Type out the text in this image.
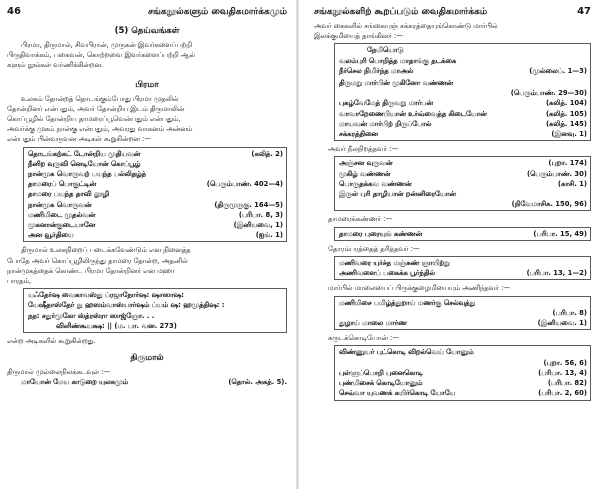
46	சங்கநூல்களும் வைதிகமார்க்கமும்
(5) தெய்வங்கள்
பிரமா, திருமால், சிவபிரான், முருகன் இவர்களைப்பற்றி
பிருதிவாக்கம், பகைவன், கொற்றவை இவர்களைப்பற்றி ஆல்
களும் நூல்கள் வர்ணிக்கின்றன.
பிரமா
உலகம் தோன்றத் தொடங்கும்போது பிரமா முதலில்
தோன்றினர் என்பதும், அவர் தோன்றிய இடம் திருமாலின்
கொப்பூழில் தோன்றிய தாமரைப்பூவென்பதும் என்பதும்,
அவர்க்கு முகம் நான்கு என்பதும், அவரது வாகனம் அன்னம்
என்பதும் பின்வருவன அடிகள் கூறுகின்றன :—
தொடங்கற்கட் டோன்றிய முதியவன்	(கலித். 2)
நீனிற வுருவி னெடியோன் கொப்பூழ்
நான்முக வொருவற் பயந்த பல்லிதழ்த்
தாமரைப் பொகுட்டின்	(பெரும்பாண். 402—4)
தாமரை பயந்த தாவி லூழி
நான்முக வொருவன்	(திருமுருகு. 164—5)
மணிமிடை முதல்வன்	(பரிபா. 8, 3)
முகனான்குடையானே	(இனியவை, 1)
அன வூர்தியை	(ஐங். 1)
திருமால் உலகநிறைப் படைக்கவேண்டும் என நினைத்த
போதே அவர் கொப்பூழிலிருந்து தாமரை தோன்ற, அதனில்
நான்முகத்தைக் கொண்ட பிரமா தோன்றினர் என மஹா
பாரதம்,
யஃதேர்ஷ வைகாவஸ்து ப்ரஜாநோர்ஷ: ஷாஸாஷ:
யேஷீதாஸ்தேர் நு ஹஸம்வாஸ்யார்ஷம் ப்யம் ஷ: ஹமுத்திஷ: :
நத: சதுர்முகோ ஸ்த்ரஸ்ரா ஸாஜ்ஞோ. . .
விளிண்கூயக்ஷ: || (ம. பா. வன. 273)
என்ற அடிகளில் கூறுகின்றது.
திருமால்
திருமால் முல்லைநிலக்கடவுள் :—
மாயோன் மேய காடுறை யுலகமும்	(தொல். அகத். 5).
சங்கநூல்களிற் கூறப்படும் வைதிகமார்க்கம்	47
அவர் கைகளில் சங்கையுஞ் சக்கரத்தையுங்கொண்டு மார்பில்
இலக்குமியைத் தாங்கினர் :—
நேமியொடு
வலம்புரி பொறித்த மாதாங்கு தடக்கை
நீர்செல நிமிர்ந்த மாஅல்	(முல்லைப். 1—3)
திருமறு மார்பின் முகினோ வண்ணன்
(பெரும்பாண். 29—30)
புகழ்வேமேத் திருவறு மார்பன்	(கலித். 104)
வாவாறேணைபியான் உர்வ்வைத்த கிடையோன்	(கலித். 105)
மாயவன் மார்பிற் றிருப்போல்	(கலித். 145)
சக்கரத்தினை	(இனவு. 1)
அவர் நீலநிறத்தவர் :—
அஞ்சன வுருவன்	(புறா. 174)
முகிழ் வண்ணன்	(பெரும்பாண். 30)
பொருதக்கவ வண்ணன்	(காசி. 1)
இருள் புரி தாழியான் றன்னிரையோன்
(நிவேமாசிக. 150, 96)
தாமரைக்கண்ணர் :—
தாமரை புரையுங் கண்ணன்	(பரிபா. 15, 49)
தோரம்பரத்தைத் தரித்தவர் :—
மணிவரை யுர்ச்த மஞ்சுண் ஞாயிற்று
அணிவளைப் பகைக்க பூர்ந்தில்	(பரிபா. 13, 1—2)
மார்பில் மாலையைப் பிருக்குழைமியையும் அணிந்தவர் :—
மணிமிசை பமிழ்த்துறாய் மணர்கு செல்வுத்து
(பரிபா. 8)
துழாய் மாலை மார்ண	(இனியவை. 1)
கருடக்கொடியோன் :—
விண்ணுயர் புட்கொடி விறல்வெய் யோனும்
(புறா. 56, 6)
புள்ளுப்பொறி புனைகொடி	(பரிபா. 13, 4)
புண்மிசைக் கொடியோனும்	(பரிபா. 82)
செவ்வா யுவணக் கயிர்கொடி யோயே	(பரிபா. 2, 60)
